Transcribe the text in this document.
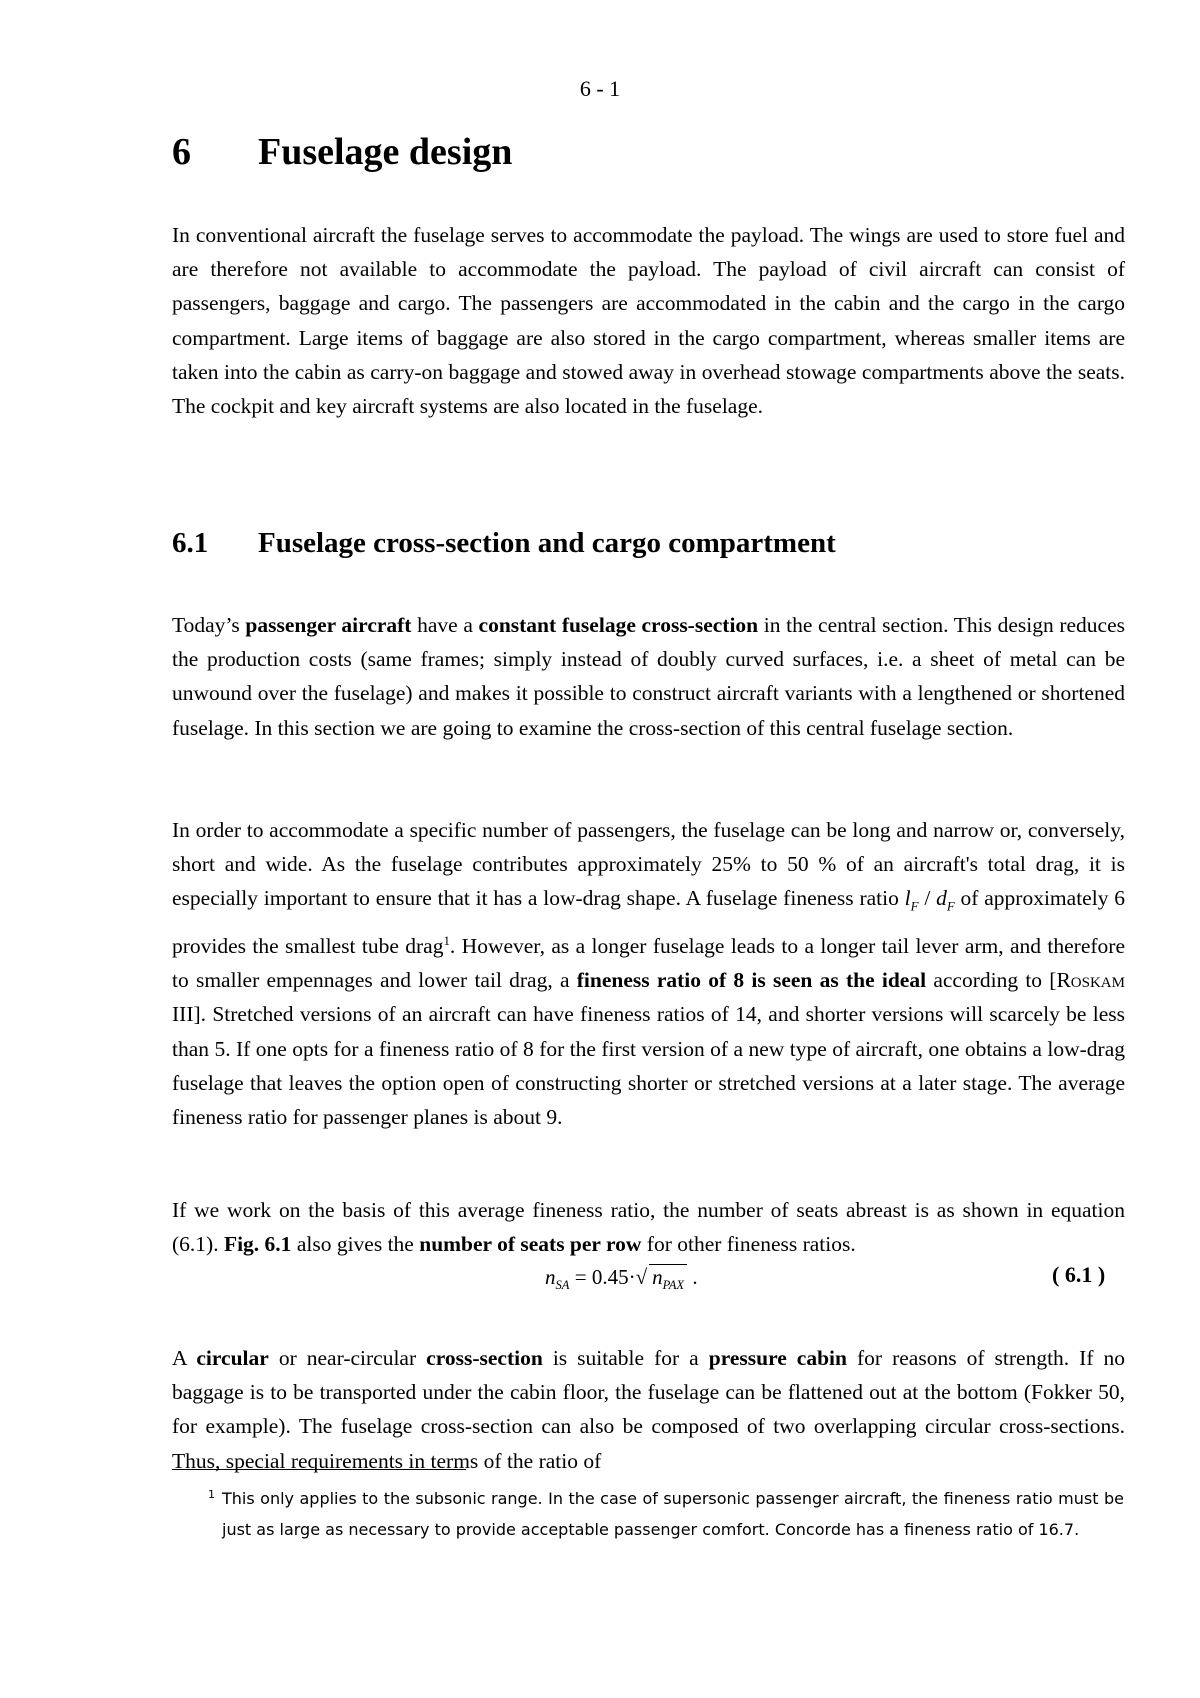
6 - 1
6 Fuselage design

In conventional aircraft the fuselage serves to accommodate the payload. The wings are used to store fuel and are therefore not available to accommodate the payload. The payload of civil aircraft can consist of passengers, baggage and cargo. The passengers are accommodated in the cabin and the cargo in the cargo compartment. Large items of baggage are also stored in the cargo compartment, whereas smaller items are taken into the cabin as carry-on baggage and stowed away in overhead stowage compartments above the seats. The cockpit and key aircraft systems are also located in the fuselage.

6.1 Fuselage cross-section and cargo compartment

Today’s passenger aircraft have a constant fuselage cross-section in the central section. This design reduces the production costs (same frames; simply instead of doubly curved surfaces, i.e. a sheet of metal can be unwound over the fuselage) and makes it possible to construct aircraft variants with a lengthened or shortened fuselage. In this section we are going to examine the cross-section of this central fuselage section.

In order to accommodate a specific number of passengers, the fuselage can be long and narrow or, conversely, short and wide. As the fuselage contributes approximately 25% to 50 % of an aircraft's total drag, it is especially important to ensure that it has a low-drag shape. A fuselage fineness ratio $l_F / d_F$ of approximately 6 provides the smallest tube drag$^1$. However, as a longer fuselage leads to a longer tail lever arm, and therefore to smaller empennages and lower tail drag, a fineness ratio of 8 is seen as the ideal according to [Roskam III]. Stretched versions of an aircraft can have fineness ratios of 14, and shorter versions will scarcely be less than 5. If one opts for a fineness ratio of 8 for the first version of a new type of aircraft, one obtains a low-drag fuselage that leaves the option open of constructing shorter or stretched versions at a later stage. The average fineness ratio for passenger planes is about 9.

If we work on the basis of this average fineness ratio, the number of seats abreast is as shown in equation (6.1). Fig. 6.1 also gives the number of seats per row for other fineness ratios.

$n_{SA} = 0.45\cdot√$ $n_{PAX}$ .	( 6.1 )

A circular or near-circular cross-section is suitable for a pressure cabin for reasons of strength. If no baggage is to be transported under the cabin floor, the fuselage can be flattened out at the bottom (Fokker 50, for example). The fuselage cross-section can also be composed of two overlapping circular cross-sections. Thus, special requirements in terms of the ratio of

1 This only applies to the subsonic range. In the case of supersonic passenger aircraft, the fineness ratio must be just as large as necessary to provide acceptable passenger comfort. Concorde has a fineness ratio of 16.7.
